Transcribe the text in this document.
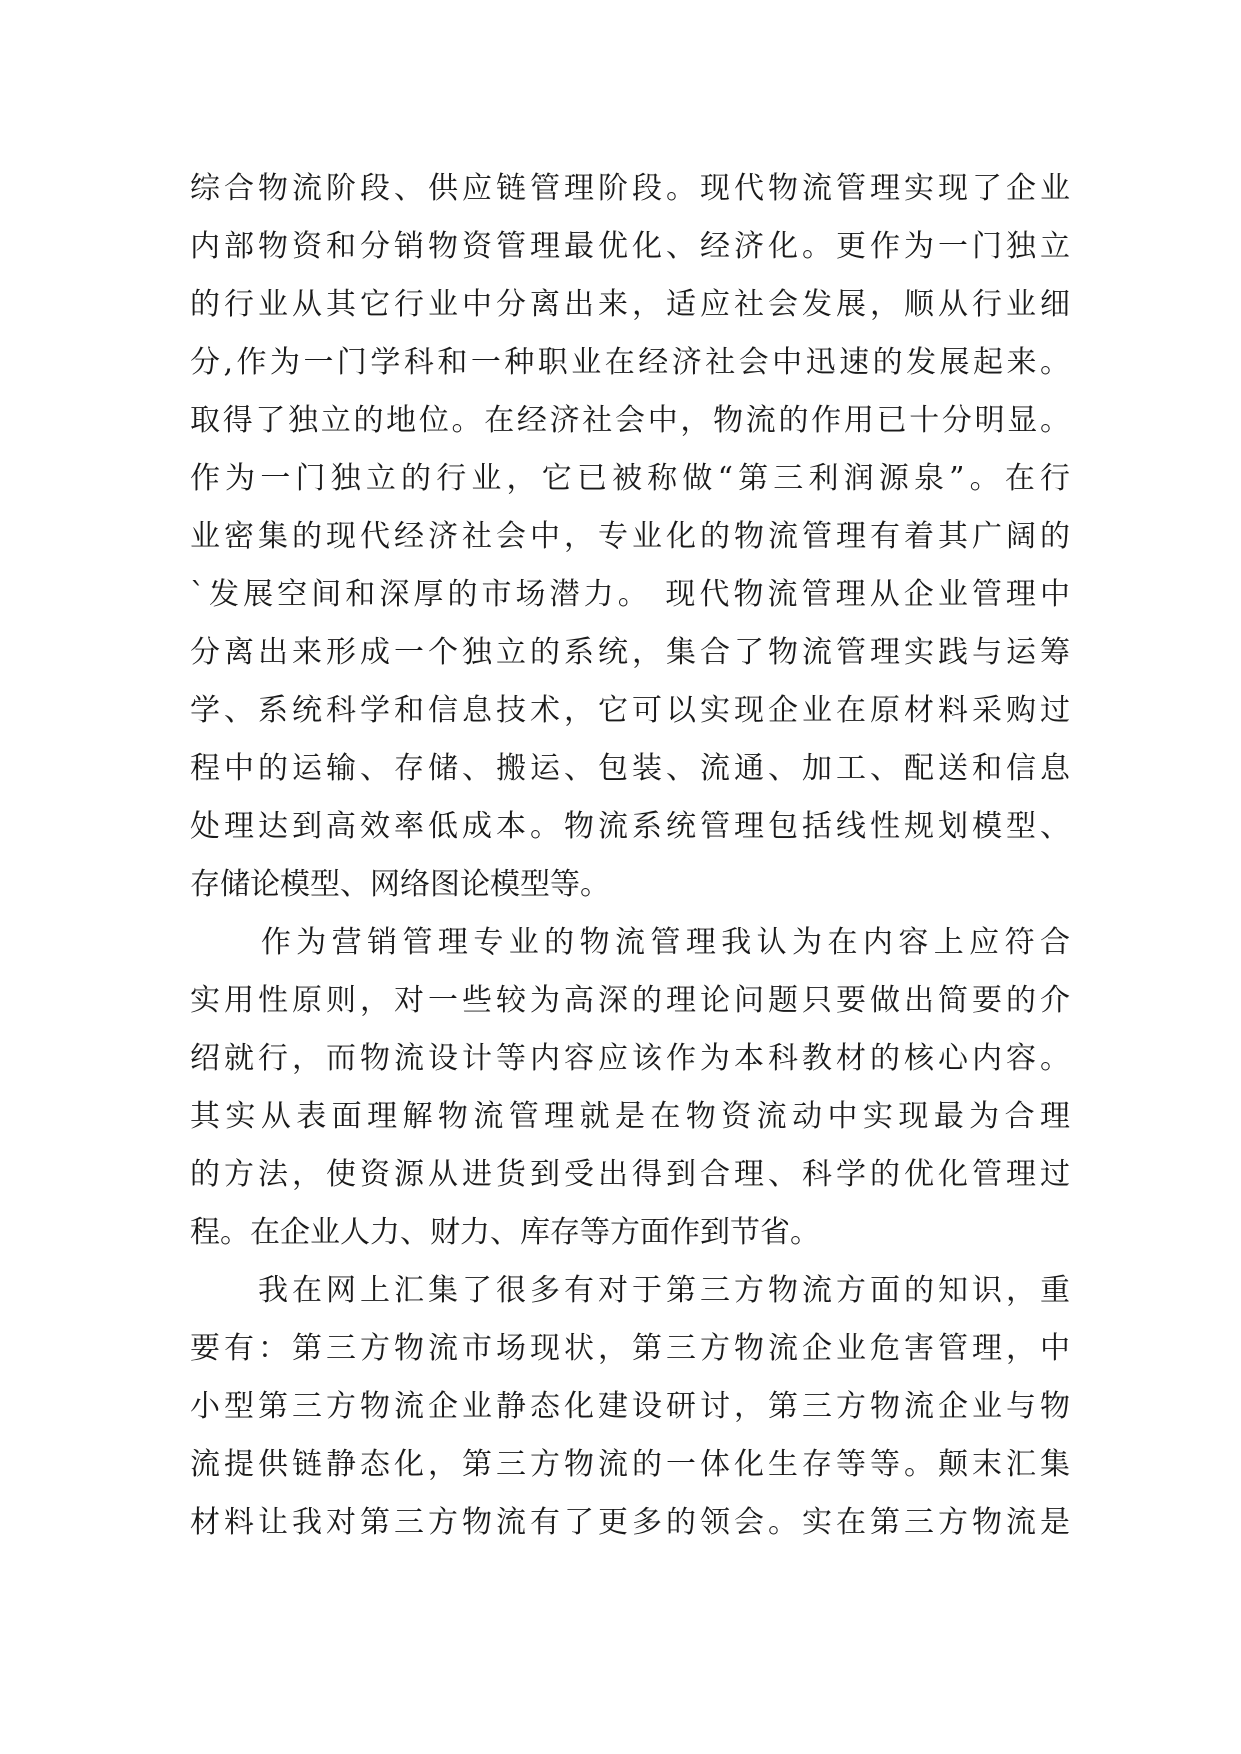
综合物流阶段、供应链管理阶段。现代物流管理实现了企业
内部物资和分销物资管理最优化、经济化。更作为一门独立
的行业从其它行业中分离出来，适应社会发展，顺从行业细
分,作为一门学科和一种职业在经济社会中迅速的发展起来。
取得了独立的地位。在经济社会中，物流的作用已十分明显。
作为一门独立的行业，它已被称做“第三利润源泉”。在行
业密集的现代经济社会中，专业化的物流管理有着其广阔的
`发展空间和深厚的市场潜力。 现代物流管理从企业管理中
分离出来形成一个独立的系统，集合了物流管理实践与运筹
学、系统科学和信息技术，它可以实现企业在原材料采购过
程中的运输、存储、搬运、包装、流通、加工、配送和信息
处理达到高效率低成本。物流系统管理包括线性规划模型、
存储论模型、网络图论模型等。
　　作为营销管理专业的物流管理我认为在内容上应符合
实用性原则，对一些较为高深的理论问题只要做出简要的介
绍就行，而物流设计等内容应该作为本科教材的核心内容。
其实从表面理解物流管理就是在物资流动中实现最为合理
的方法，使资源从进货到受出得到合理、科学的优化管理过
程。在企业人力、财力、库存等方面作到节省。
　　我在网上汇集了很多有对于第三方物流方面的知识，重
要有：第三方物流市场现状，第三方物流企业危害管理，中
小型第三方物流企业静态化建设研讨，第三方物流企业与物
流提供链静态化，第三方物流的一体化生存等等。颠末汇集
材料让我对第三方物流有了更多的领会。实在第三方物流是
